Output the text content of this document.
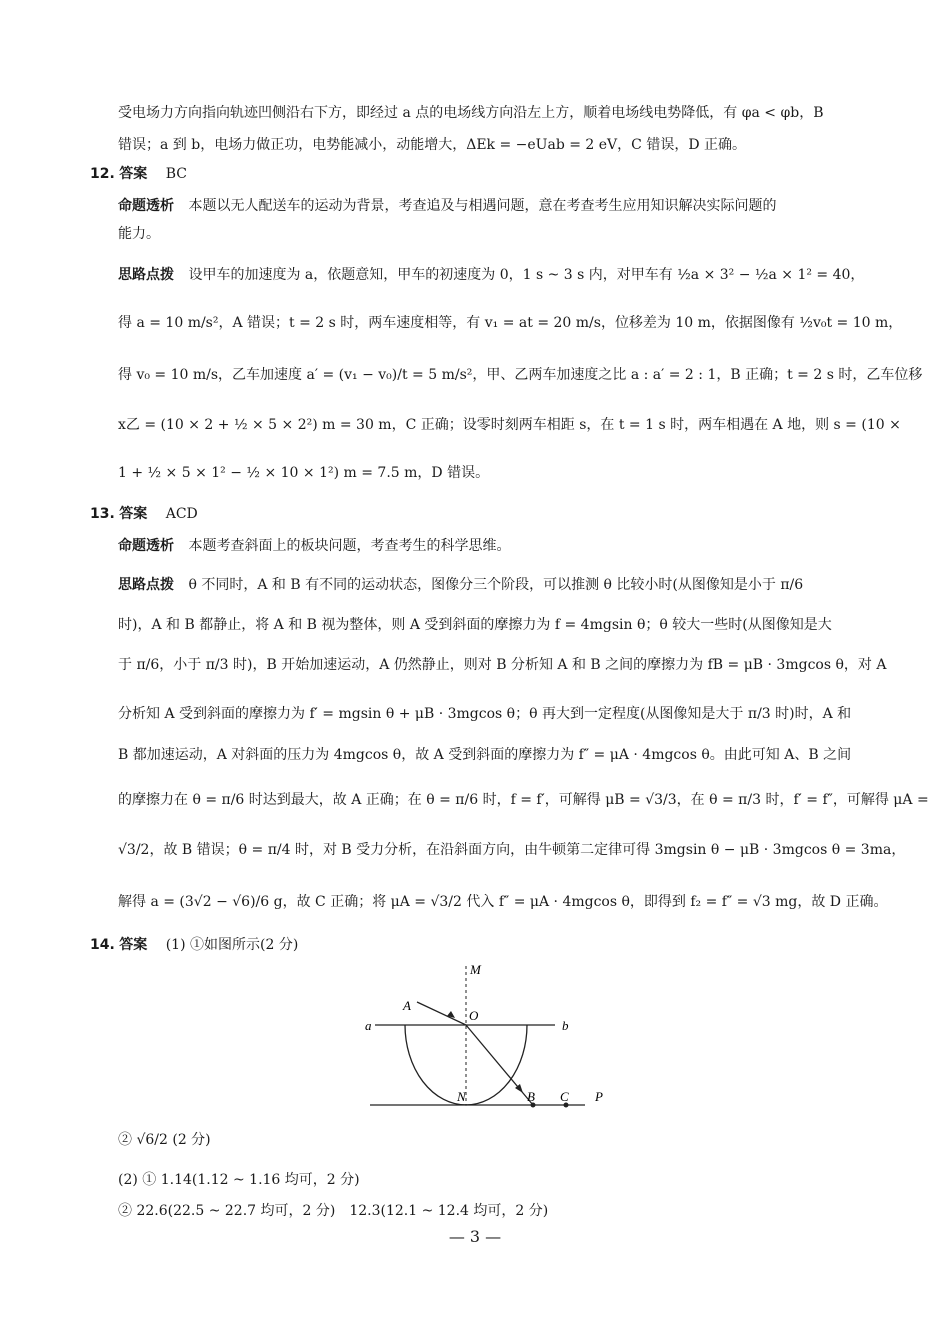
受电场力方向指向轨迹凹侧沿右下方，即经过 a 点的电场线方向沿左上方，顺着电场线电势降低，有 φa < φb，B
错误；a 到 b，电场力做正功，电势能减小，动能增大，ΔEk = −eUab = 2 eV，C 错误，D 正确。
12. 答案 BC
命题透析 本题以无人配送车的运动为背景，考查追及与相遇问题，意在考查考生应用知识解决实际问题的
能力。
思路点拨 设甲车的加速度为 a，依题意知，甲车的初速度为 0，1 s ~ 3 s 内，对甲车有 ½a × 3² − ½a × 1² = 40，
得 a = 10 m/s²，A 错误；t = 2 s 时，两车速度相等，有 v₁ = at = 20 m/s，位移差为 10 m，依据图像有 ½v₀t = 10 m，
得 v₀ = 10 m/s，乙车加速度 a′ = (v₁ − v₀)/t = 5 m/s²，甲、乙两车加速度之比 a : a′ = 2 : 1，B 正确；t = 2 s 时，乙车位移
x乙 = (10 × 2 + ½ × 5 × 2²) m = 30 m，C 正确；设零时刻两车相距 s，在 t = 1 s 时，两车相遇在 A 地，则 s = (10 ×
1 + ½ × 5 × 1² − ½ × 10 × 1²) m = 7.5 m，D 错误。
13. 答案 ACD
命题透析 本题考查斜面上的板块问题，考查考生的科学思维。
思路点拨 θ 不同时，A 和 B 有不同的运动状态，图像分三个阶段，可以推测 θ 比较小时(从图像知是小于 π/6
时)，A 和 B 都静止，将 A 和 B 视为整体，则 A 受到斜面的摩擦力为 f = 4mgsin θ；θ 较大一些时(从图像知是大
于 π/6，小于 π/3 时)，B 开始加速运动，A 仍然静止，则对 B 分析知 A 和 B 之间的摩擦力为 fB = μB · 3mgcos θ，对 A
分析知 A 受到斜面的摩擦力为 f′ = mgsin θ + μB · 3mgcos θ；θ 再大到一定程度(从图像知是大于 π/3 时)时，A 和
B 都加速运动，A 对斜面的压力为 4mgcos θ，故 A 受到斜面的摩擦力为 f″ = μA · 4mgcos θ。由此可知 A、B 之间
的摩擦力在 θ = π/6 时达到最大，故 A 正确；在 θ = π/6 时，f = f′，可解得 μB = √3/3，在 θ = π/3 时，f′ = f″，可解得 μA =
√3/2，故 B 错误；θ = π/4 时，对 B 受力分析，在沿斜面方向，由牛顿第二定律可得 3mgsin θ − μB · 3mgcos θ = 3ma，
解得 a = (3√2 − √6)/6 g，故 C 正确；将 μA = √3/2 代入 f″ = μA · 4mgcos θ，即得到 f₂ = f″ = √3 mg，故 D 正确。
14. 答案 (1) ①如图所示(2 分)
M
A
O
a	b
N	B C P
② √6/2 (2 分)
(2) ① 1.14(1.12 ~ 1.16 均可，2 分)
② 22.6(22.5 ~ 22.7 均可，2 分)　12.3(12.1 ~ 12.4 均可，2 分)
— 3 —
